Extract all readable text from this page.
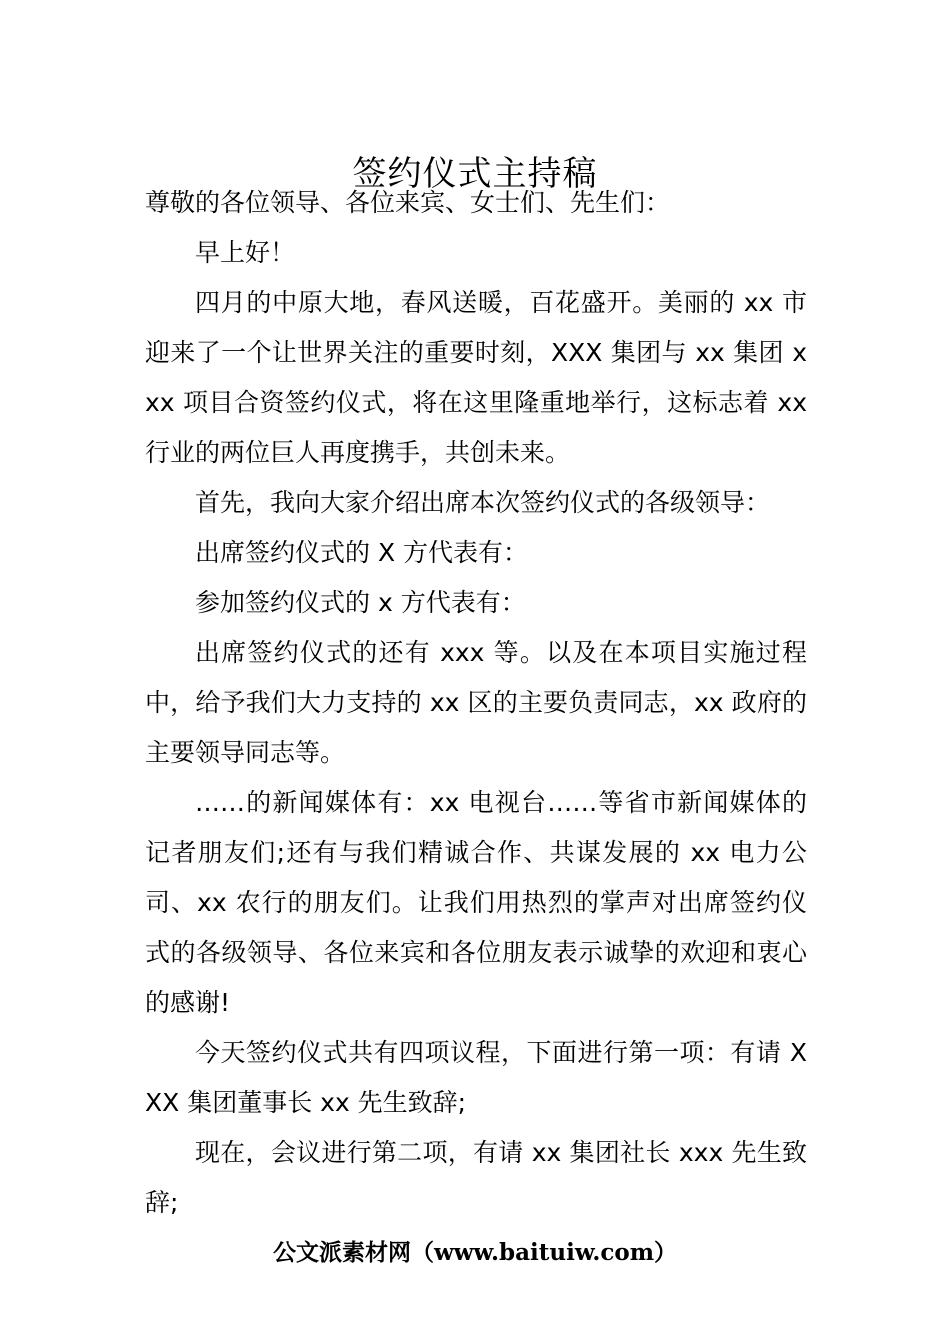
签约仪式主持稿

尊敬的各位领导、各位来宾、女士们、先生们：

早上好！

四月的中原大地，春风送暖，百花盛开。美丽的 xx 市迎来了一个让世界关注的重要时刻，XXX 集团与 xx 集团 xxx 项目合资签约仪式，将在这里隆重地举行，这标志着 xx 行业的两位巨人再度携手，共创未来。

首先，我向大家介绍出席本次签约仪式的各级领导：

出席签约仪式的 X 方代表有：

参加签约仪式的 x 方代表有：

出席签约仪式的还有 xxx 等。以及在本项目实施过程中，给予我们大力支持的 xx 区的主要负责同志，xx 政府的主要领导同志等。

……的新闻媒体有：xx 电视台……等省市新闻媒体的记者朋友们;还有与我们精诚合作、共谋发展的 xx 电力公司、xx 农行的朋友们。让我们用热烈的掌声对出席签约仪式的各级领导、各位来宾和各位朋友表示诚挚的欢迎和衷心的感谢!

今天签约仪式共有四项议程，下面进行第一项：有请 XXX 集团董事长 xx 先生致辞;

现在，会议进行第二项，有请 xx 集团社长 xxx 先生致辞;

公文派素材网（www.baituiw.com）
